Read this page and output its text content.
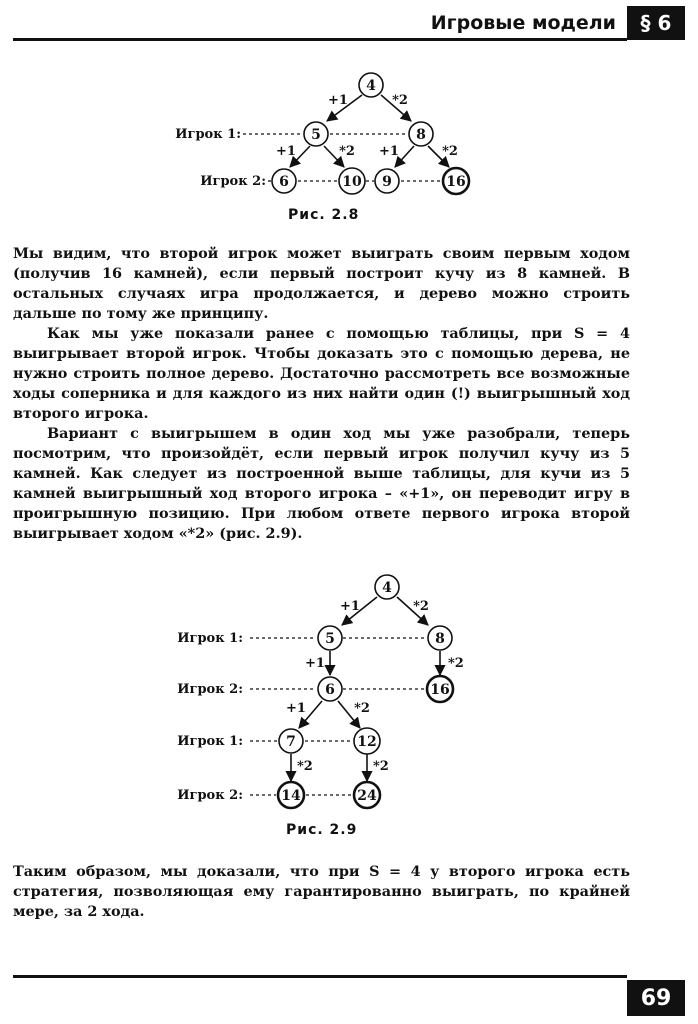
Игровые модели	§ 6
4
5	8
6	10 9	16
+1	*2
+1	*2 +1	*2
Игрок 1:
Игрок 2:
Рис. 2.8

Мы видим, что второй игрок может выиграть своим первым ходом (получив 16 камней), если первый построит кучу из 8 камней. В остальных случаях игра продолжается, и дерево можно строить дальше по тому же принципу.

Как мы уже показали ранее с помощью таблицы, при S = 4 выигрывает второй игрок. Чтобы доказать это с помощью дерева, не нужно строить полное дерево. Достаточно рассмотреть все возможные ходы соперника и для каждого из них найти один (!) выигрышный ход второго игрока.

Вариант с выигрышем в один ход мы уже разобрали, теперь посмотрим, что произойдёт, если первый игрок получил кучу из 5 камней. Как следует из построенной выше таблицы, для кучи из 5 камней выигрышный ход второго игрока – «+1», он переводит игру в проигрышную позицию. При любом ответе первого игрока второй выигрывает ходом «*2» (рис. 2.9).

4
5	8
6	16
7	12
14	24
+1	*2
+1	*2
+1	*2
*2	*2
Игрок 1:
Игрок 2:
Игрок 1:
Игрок 2:
Рис. 2.9

Таким образом, мы доказали, что при S = 4 у второго игрока есть стратегия, позволяющая ему гарантированно выиграть, по крайней мере, за 2 хода.

69
